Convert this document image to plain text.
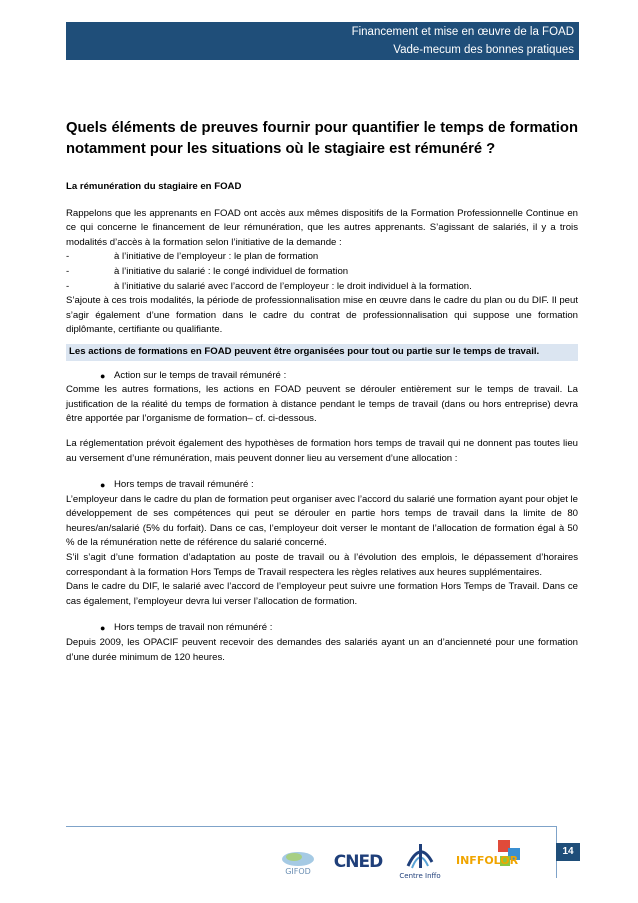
Financement et mise en œuvre de la FOAD
Vade-mecum des bonnes pratiques
Quels éléments de preuves fournir pour quantifier le temps de formation notamment pour les situations où le stagiaire est rémunéré ?
La rémunération du stagiaire en FOAD

Rappelons que les apprenants en FOAD ont accès aux mêmes dispositifs de la Formation Professionnelle Continue en ce qui concerne le financement de leur rémunération, que les autres apprenants. S’agissant de salariés, il y a trois modalités d’accès à la formation selon l’initiative de la demande :

-	à l’initiative de l’employeur : le plan de formation
-	à l’initiative du salarié : le congé individuel de formation
-	à l’initiative du salarié avec l’accord de l’employeur : le droit individuel à la formation.

S’ajoute à ces trois modalités, la période de professionnalisation mise en œuvre dans le cadre du plan ou du DIF. Il peut s’agir également d’une formation dans le cadre du contrat de professionnalisation qui suppose une formation diplômante, certifiante ou qualifiante.

Les actions de formations en FOAD peuvent être organisées pour tout ou partie sur le temps de travail.
● Action sur le temps de travail rémunéré :

Comme les autres formations, les actions en FOAD peuvent se dérouler entièrement sur le temps de travail. La justification de la réalité du temps de formation à distance pendant le temps de travail (dans ou hors entreprise) devra être apportée par l’organisme de formation– cf. ci-dessous.

La réglementation prévoit également des hypothèses de formation hors temps de travail qui ne donnent pas toutes lieu au versement d’une rémunération, mais peuvent donner lieu au versement d’une allocation :

● Hors temps de travail rémunéré :

L’employeur dans le cadre du plan de formation peut organiser avec l’accord du salarié une formation ayant pour objet le développement de ses compétences qui peut se dérouler en partie hors temps de travail dans la limite de 80 heures/an/salarié (5% du forfait). Dans ce cas, l’employeur doit verser le montant de l’allocation de formation égal à 50 % de la rémunération nette de référence du salarié concerné.

S’il s’agit d’une formation d’adaptation au poste de travail ou à l’évolution des emplois, le dépassement d’horaires correspondant à la formation Hors Temps de Travail respectera les règles relatives aux heures supplémentaires.

Dans le cadre du DIF, le salarié avec l’accord de l’employeur peut suivre une formation Hors Temps de Travail. Dans ce cas également, l’employeur devra lui verser l’allocation de formation.

● Hors temps de travail non rémunéré :

Depuis 2009, les OPACIF peuvent recevoir des demandes des salariés ayant un an d’ancienneté pour une formation d’une durée minimum de 120 heures.

14
GIFOD CNED
Centre Inffo
INFFOLOR
